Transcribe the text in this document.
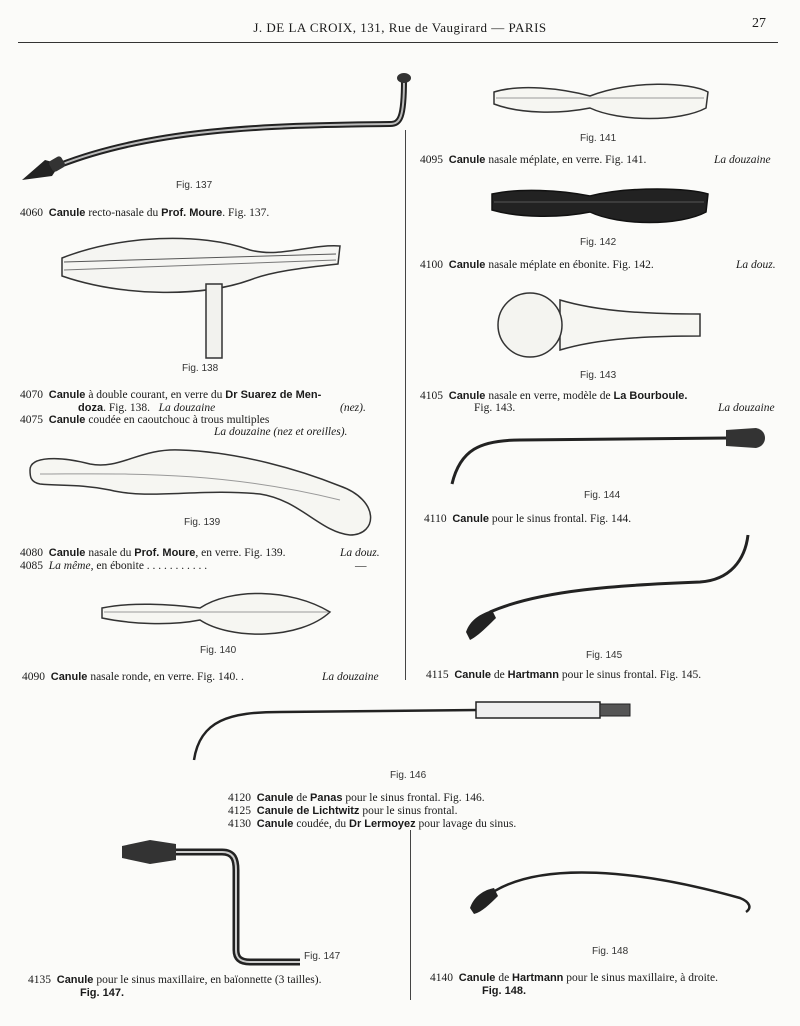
J. DE LA CROIX, 131, Rue de Vaugirard — PARIS	27
Fig. 137
4060 Canule recto-nasale du Prof. Moure. Fig. 137.
Fig. 138
4070 Canule à double courant, en verre du Dr Suarez de Men-
doza. Fig. 138. La douzaine	(nez).
4075 Canule coudée en caoutchouc à trous multiples
La douzaine (nez et oreilles).
Fig. 139
4080 Canule nasale du Prof. Moure, en verre. Fig. 139.	La douz.
4085 La même, en ébonite . . . . . . . . . . .	—
Fig. 140
4090 Canule nasale ronde, en verre. Fig. 140. .	La douzaine
Fig. 141
4095 Canule nasale méplate, en verre. Fig. 141.	La douzaine
Fig. 142
4100 Canule nasale méplate en ébonite. Fig. 142.	La douz.
Fig. 143
4105 Canule nasale en verre, modèle de La Bourboule.
Fig. 143.	La douzaine
Fig. 144
4110 Canule pour le sinus frontal. Fig. 144.
Fig. 145
4115 Canule de Hartmann pour le sinus frontal. Fig. 145.
Fig. 146
4120 Canule de Panas pour le sinus frontal. Fig. 146.
4125 Canule de Lichtwitz pour le sinus frontal.
4130 Canule coudée, du Dr Lermoyez pour lavage du sinus.
Fig. 147
4135 Canule pour le sinus maxillaire, en baïonnette (3 tailles).
Fig. 147.
Fig. 148
4140 Canule de Hartmann pour le sinus maxillaire, à droite.
Fig. 148.
